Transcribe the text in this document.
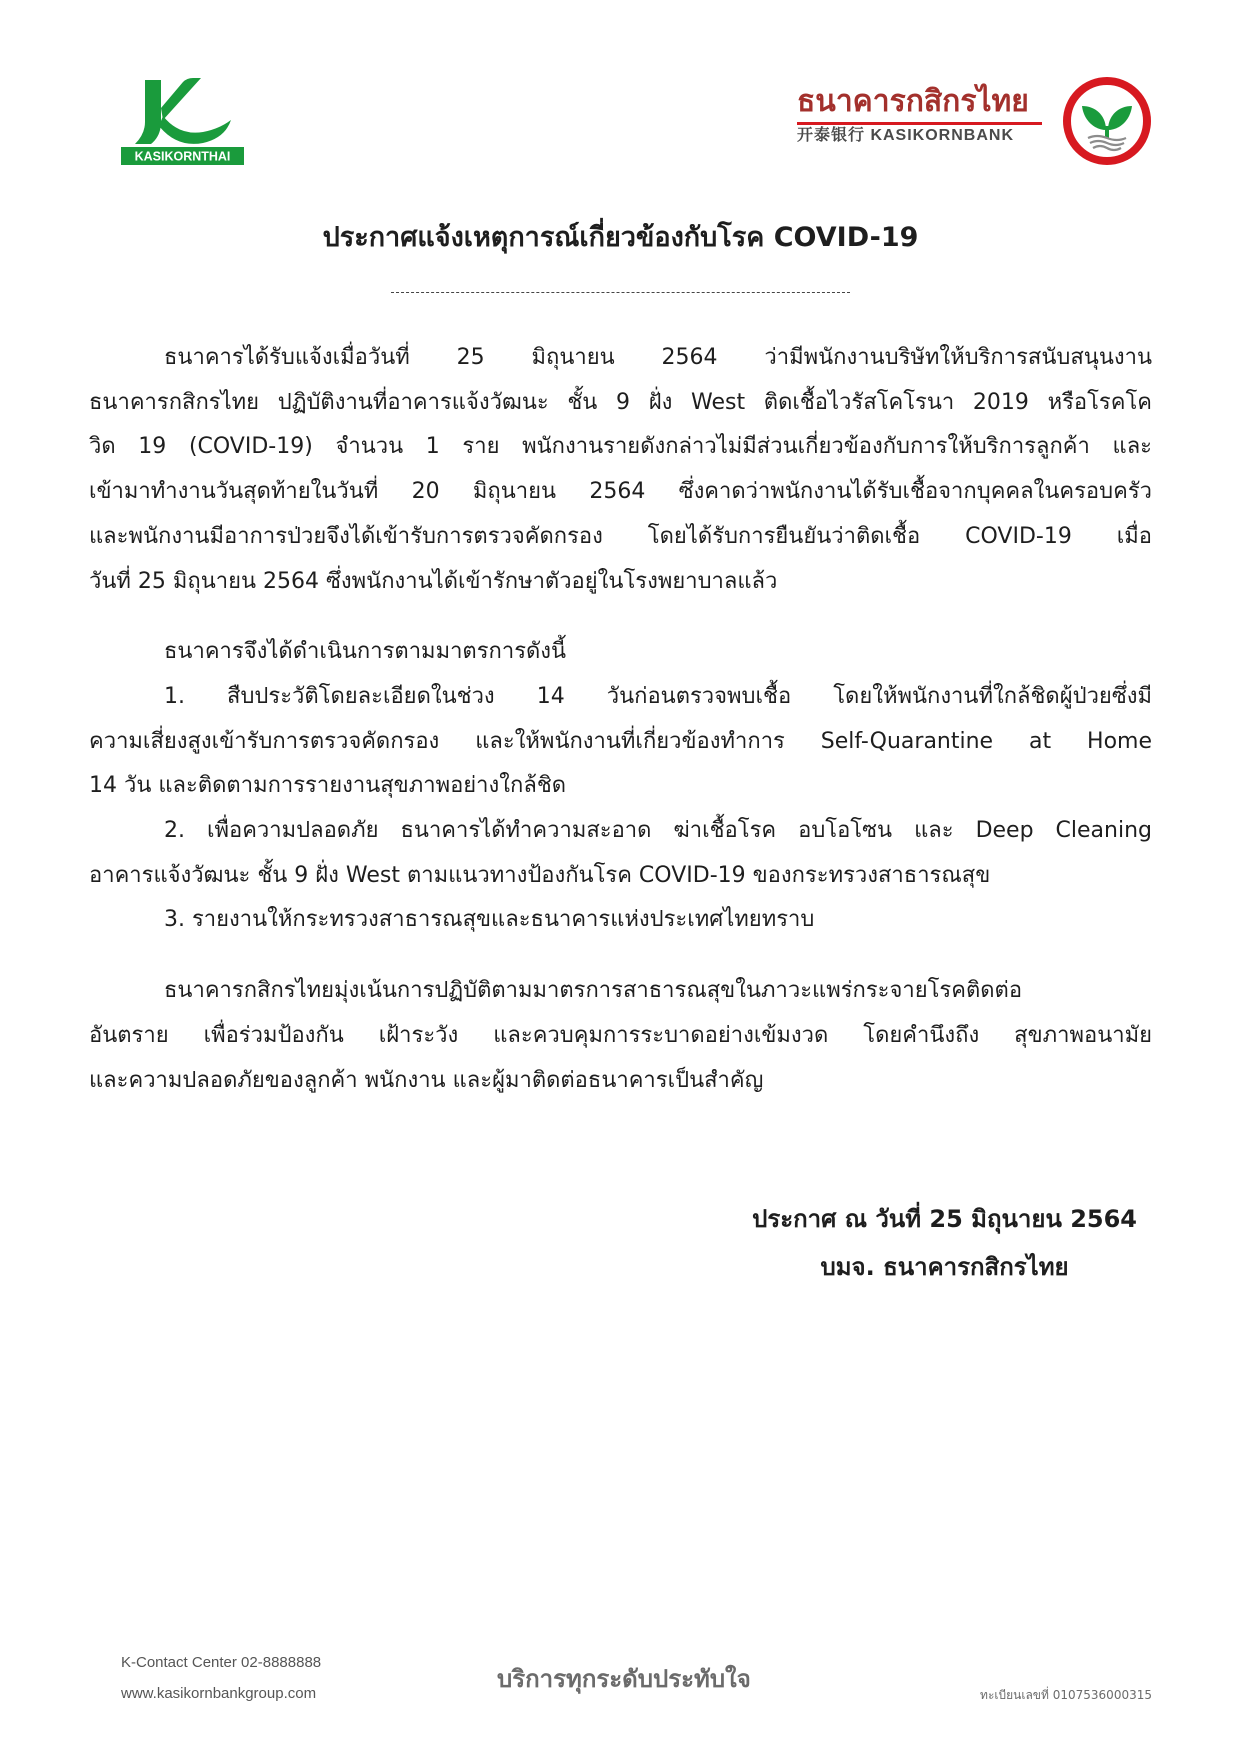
KASIKORNTHAI
ธนาคารกสิกรไทย
开泰银行 KASIKORNBANK
ประกาศแจ้งเหตุการณ์เกี่ยวข้องกับโรค COVID-19
ธนาคารได้รับแจ้งเมื่อวันที่ 25 มิถุนายน 2564 ว่ามีพนักงานบริษัทให้บริการสนับสนุนงาน
ธนาคารกสิกรไทย ปฏิบัติงานที่อาคารแจ้งวัฒนะ ชั้น 9 ฝั่ง West ติดเชื้อไวรัสโคโรนา 2019 หรือโรคโค
วิด 19 (COVID-19) จำนวน 1 ราย พนักงานรายดังกล่าวไม่มีส่วนเกี่ยวข้องกับการให้บริการลูกค้า และ
เข้ามาทำงานวันสุดท้ายในวันที่ 20 มิถุนายน 2564 ซึ่งคาดว่าพนักงานได้รับเชื้อจากบุคคลในครอบครัว
และพนักงานมีอาการป่วยจึงได้เข้ารับการตรวจคัดกรอง โดยได้รับการยืนยันว่าติดเชื้อ COVID-19 เมื่อ
วันที่ 25 มิถุนายน 2564 ซึ่งพนักงานได้เข้ารักษาตัวอยู่ในโรงพยาบาลแล้ว
ธนาคารจึงได้ดำเนินการตามมาตรการดังนี้
1. สืบประวัติโดยละเอียดในช่วง 14 วันก่อนตรวจพบเชื้อ โดยให้พนักงานที่ใกล้ชิดผู้ป่วยซึ่งมี
ความเสี่ยงสูงเข้ารับการตรวจคัดกรอง และให้พนักงานที่เกี่ยวข้องทำการ Self-Quarantine at Home
14 วัน และติดตามการรายงานสุขภาพอย่างใกล้ชิด
2. เพื่อความปลอดภัย ธนาคารได้ทำความสะอาด ฆ่าเชื้อโรค อบโอโซน และ Deep Cleaning
อาคารแจ้งวัฒนะ ชั้น 9 ฝั่ง West ตามแนวทางป้องกันโรค COVID-19 ของกระทรวงสาธารณสุข
3. รายงานให้กระทรวงสาธารณสุขและธนาคารแห่งประเทศไทยทราบ
ธนาคารกสิกรไทยมุ่งเน้นการปฏิบัติตามมาตรการสาธารณสุขในภาวะแพร่กระจายโรคติดต่อ
อันตราย เพื่อร่วมป้องกัน เฝ้าระวัง และควบคุมการระบาดอย่างเข้มงวด โดยคำนึงถึง สุขภาพอนามัย
และความปลอดภัยของลูกค้า พนักงาน และผู้มาติดต่อธนาคารเป็นสำคัญ
ประกาศ ณ วันที่ 25 มิถุนายน 2564
บมจ. ธนาคารกสิกรไทย
K-Contact Center 02-8888888
www.kasikornbankgroup.com
บริการทุกระดับประทับใจ
ทะเบียนเลขที่ 0107536000315
